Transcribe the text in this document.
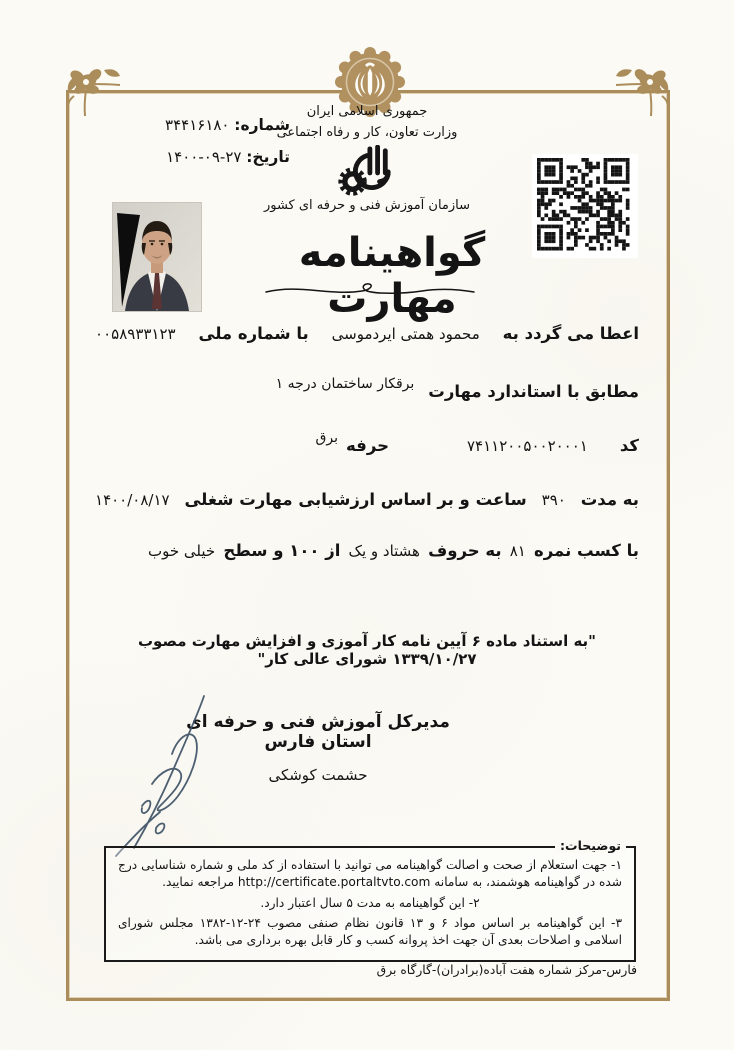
شماره: ۳۴۴۱۶۱۸۰
تاریخ: ۲۷-۰۹-۱۴۰۰
جمهوری اسلامی ایران
وزارت تعاون، کار و رفاه اجتماعی
سازمان آموزش فنی و حرفه ای کشور
گواهینامه مهارت
اعطا می گردد به
محمود همتی ایردموسی
با شماره ملی
۰۰۵۸۹۳۳۱۲۳
مطابق با استاندارد مهارت
برقکار ساختمان درجه ۱
کد
۷۴۱۱۲۰۰۵۰۰۲۰۰۰۱
حرفه
برق
به مدت
۳۹۰
ساعت و بر اساس ارزشیابی مهارت شغلی
۱۴۰۰/۰۸/۱۷
با کسب نمره
۸۱
به حروف
هشتاد و یک
از ۱۰۰ و سطح
خیلی خوب
"به استناد ماده ۶ آیین نامه کار آموزی و افزایش مهارت مصوب ۱۳۳۹/۱۰/۲۷ شورای عالی کار"
مدیرکل آموزش فنی و حرفه ای استان فارس
حشمت کوشکی
توضیحات:

۱- جهت استعلام از صحت و اصالت گواهینامه می توانید با استفاده از کد ملی و شماره شناسایی درج شده در گواهینامه هوشمند، به سامانه http://certificate.portaltvto.com مراجعه نمایید.

۲- این گواهینامه به مدت ۵ سال اعتبار دارد.

۳- این گواهینامه بر اساس مواد ۶ و ۱۳ قانون نظام صنفی مصوب ۲۴-۱۲-۱۳۸۲ مجلس شورای اسلامی و اصلاحات بعدی آن جهت اخذ پروانه کسب و کار قابل بهره برداری می باشد.

فارس-مرکز شماره هفت آباده(برادران)-گارگاه برق
